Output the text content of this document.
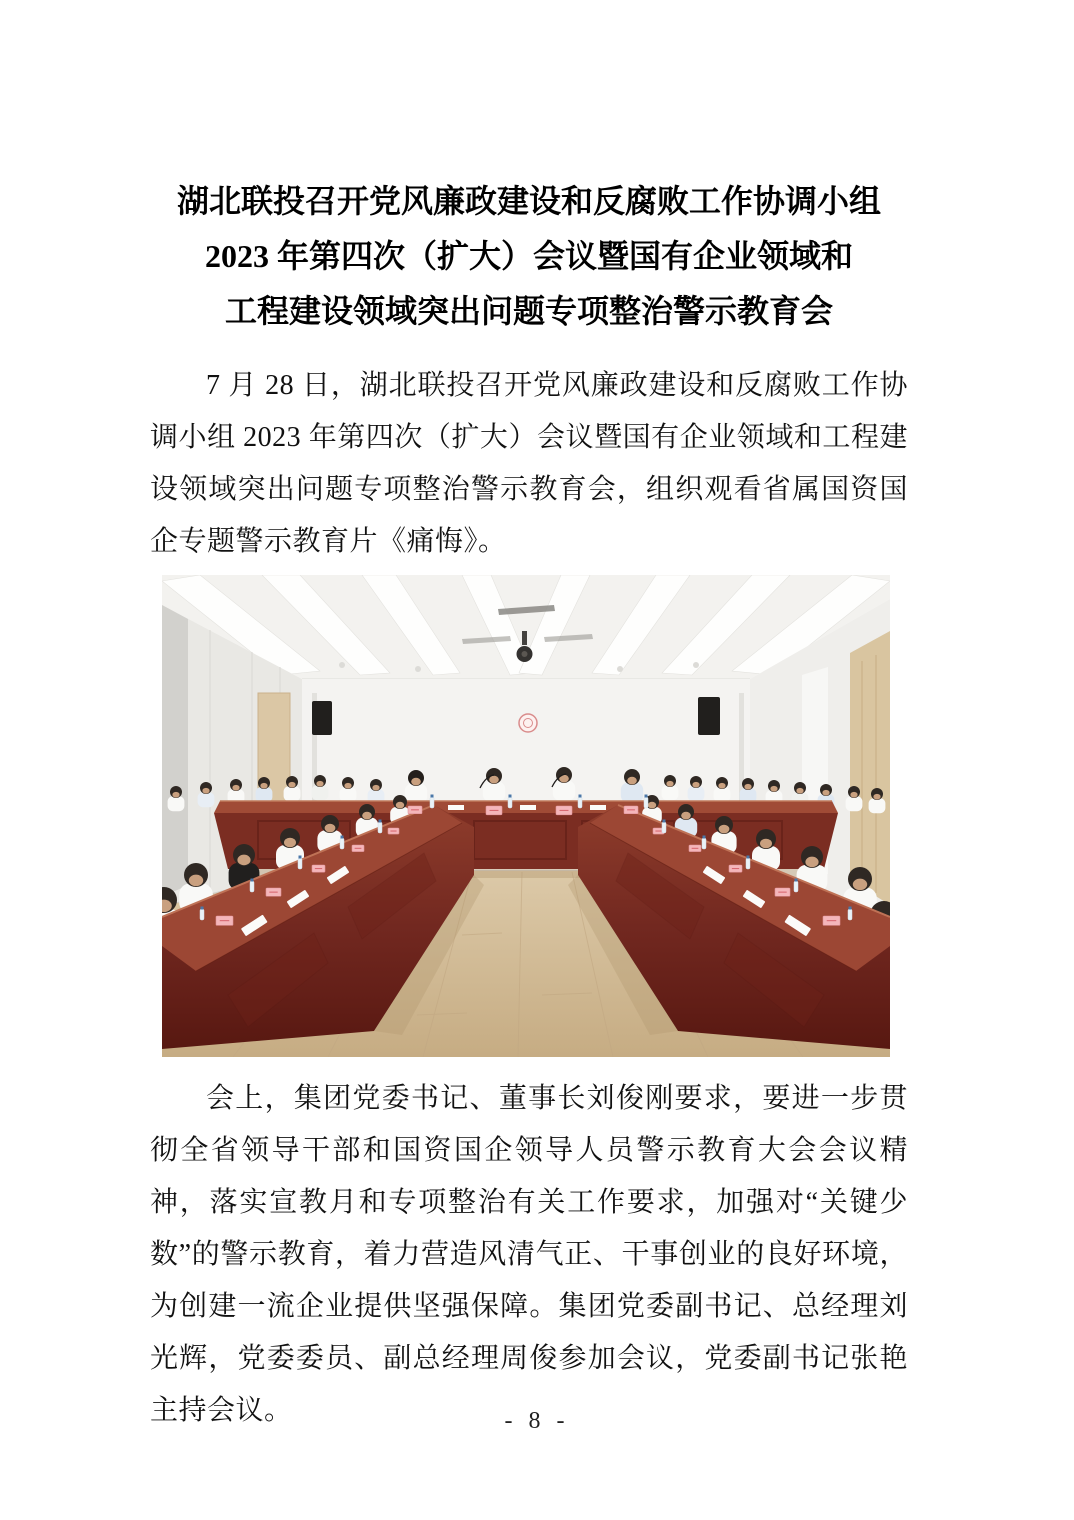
湖北联投召开党风廉政建设和反腐败工作协调小组
2023 年第四次（扩大）会议暨国有企业领域和
工程建设领域突出问题专项整治警示教育会

7 月 28 日，湖北联投召开党风廉政建设和反腐败工作协调小组 2023 年第四次（扩大）会议暨国有企业领域和工程建设领域突出问题专项整治警示教育会，组织观看省属国资国企专题警示教育片《痛悔》。

会上，集团党委书记、董事长刘俊刚要求，要进一步贯彻全省领导干部和国资国企领导人员警示教育大会会议精神，落实宣教月和专项整治有关工作要求，加强对“关键少数”的警示教育，着力营造风清气正、干事创业的良好环境，为创建一流企业提供坚强保障。集团党委副书记、总经理刘光辉，党委委员、副总经理周俊参加会议，党委副书记张艳主持会议。	- 8 -
